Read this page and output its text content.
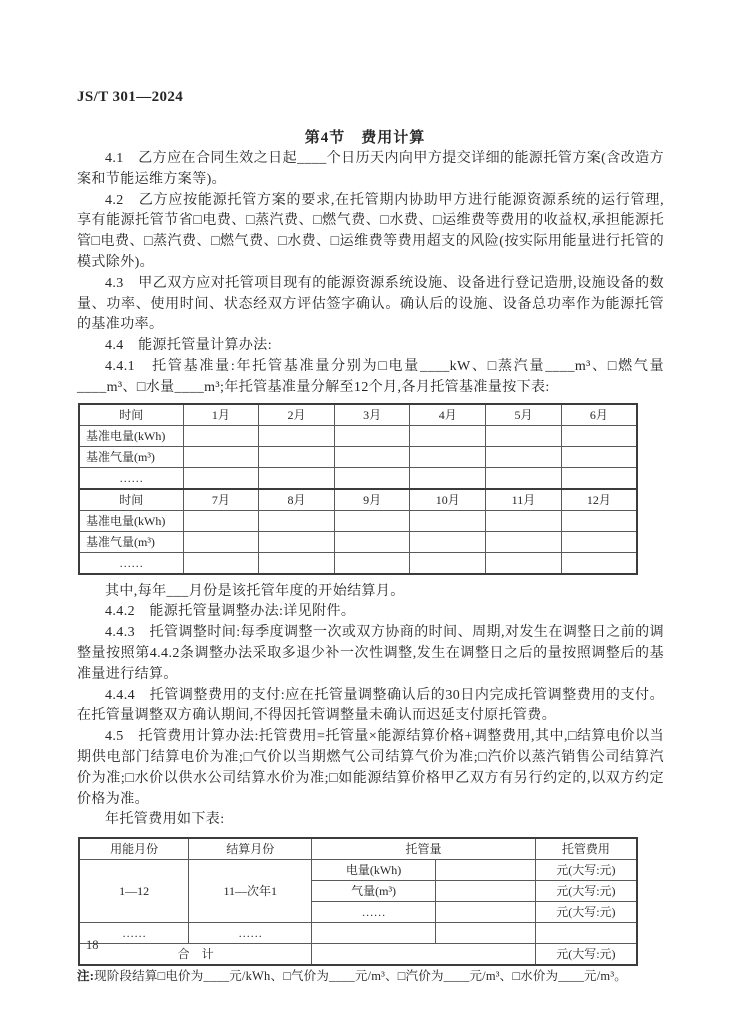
JS/T 301—2024
第4节　费用计算

4.1　乙方应在合同生效之日起____个日历天内向甲方提交详细的能源托管方案(含改造方案和节能运维方案等)。

4.2　乙方应按能源托管方案的要求,在托管期内协助甲方进行能源资源系统的运行管理,享有能源托管节省□电费、□蒸汽费、□燃气费、□水费、□运维费等费用的收益权,承担能源托管□电费、□蒸汽费、□燃气费、□水费、□运维费等费用超支的风险(按实际用能量进行托管的模式除外)。

4.3　甲乙双方应对托管项目现有的能源资源系统设施、设备进行登记造册,设施设备的数量、功率、使用时间、状态经双方评估签字确认。确认后的设施、设备总功率作为能源托管的基准功率。

4.4　能源托管量计算办法:

4.4.1　托管基准量:年托管基准量分别为□电量____kW、□蒸汽量____m³、□燃气量____m³、□水量____m³;年托管基准量分解至12个月,各月托管基准量按下表:

时间	1月	2月	3月	4月	5月	6月
基准电量(kWh)						
基准气量(m³)						
……						
时间	7月	8月	9月	10月	11月	12月
基准电量(kWh)						
基准气量(m³)						
……						

其中,每年___月份是该托管年度的开始结算月。

4.4.2　能源托管量调整办法:详见附件。

4.4.3　托管调整时间:每季度调整一次或双方协商的时间、周期,对发生在调整日之前的调整量按照第4.4.2条调整办法采取多退少补一次性调整,发生在调整日之后的量按照调整后的基准量进行结算。

4.4.4　托管调整费用的支付:应在托管量调整确认后的30日内完成托管调整费用的支付。在托管量调整双方确认期间,不得因托管调整量未确认而迟延支付原托管费。

4.5　托管费用计算办法:托管费用=托管量×能源结算价格+调整费用,其中,□结算电价以当期供电部门结算电价为准;□气价以当期燃气公司结算气价为准;□汽价以蒸汽销售公司结算汽价为准;□水价以供水公司结算水价为准;□如能源结算价格甲乙双方有另行约定的,以双方约定价格为准。

年托管费用如下表:

用能月份	结算月份	托管量		托管费用
1—12	11—次年1	电量(kWh)		元(大写:元)
		气量(m³)		元(大写:元)
		……		元(大写:元)
……	……			
合　计				元(大写:元)

注:现阶段结算□电价为____元/kWh、□气价为____元/m³、□汽价为____元/m³、□水价为____元/m³。

18
